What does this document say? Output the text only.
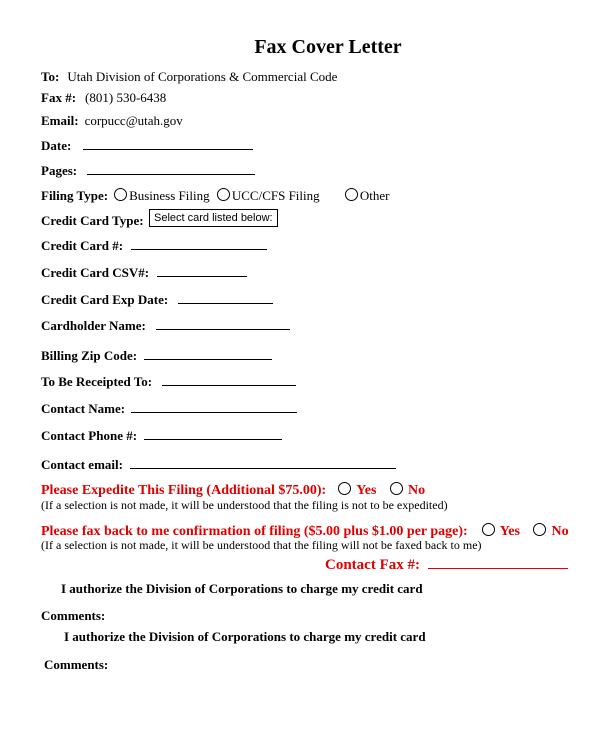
Fax Cover Letter
To: Utah Division of Corporations & Commercial Code
Fax #: (801) 530-6438
Email: corpucc@utah.gov
Date:
Pages:
Filing Type: Business Filing UCC/CFS Filing	Other
Credit Card Type: Select card listed below:
Credit Card #:
Credit Card CSV#:
Credit Card Exp Date:
Cardholder Name:
Billing Zip Code:
To Be Receipted To:
Contact Name:
Contact Phone #:
Contact email:
Please Expedite This Filing (Additional $75.00): Yes No
(If a selection is not made, it will be understood that the filing is not to be expedited)
Please fax back to me confirmation of filing ($5.00 plus $1.00 per page): Yes No
(If a selection is not made, it will be understood that the filing will not be faxed back to me)
Contact Fax #:
I authorize the Division of Corporations to charge my credit card
Comments:
I authorize the Division of Corporations to charge my credit card
Comments:
